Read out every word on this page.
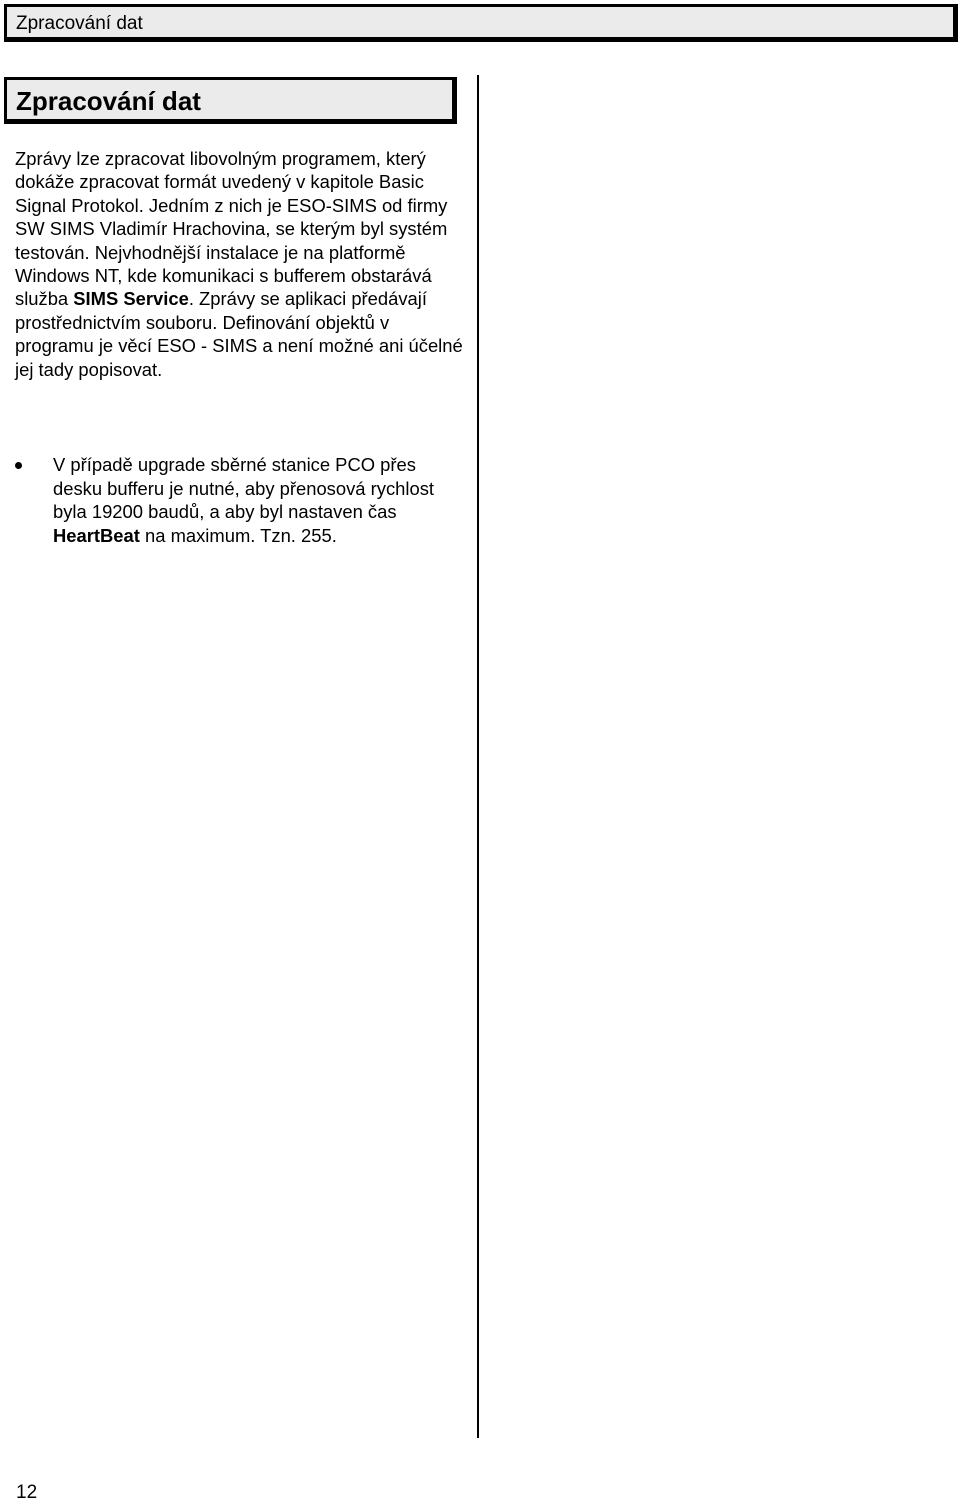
Zpracování dat
Zpracování dat

Zprávy lze zpracovat libovolným programem, který dokáže zpracovat formát uvedený v kapitole Basic Signal Protokol. Jedním z nich je ESO-SIMS od firmy SW SIMS Vladimír Hrachovina, se kterým byl systém testován. Nejvhodnější instalace je na platformě Windows NT, kde komunikaci s bufferem obstarává služba SIMS Service. Zprávy se aplikaci předávají prostřednictvím souboru. Definování objektů v programu je věcí ESO - SIMS a není možné ani účelné jej tady popisovat.

V případě upgrade sběrné stanice PCO přes desku bufferu je nutné, aby přenosová rychlost byla 19200 baudů, a aby byl nastaven čas HeartBeat na maximum. Tzn. 255.

12
